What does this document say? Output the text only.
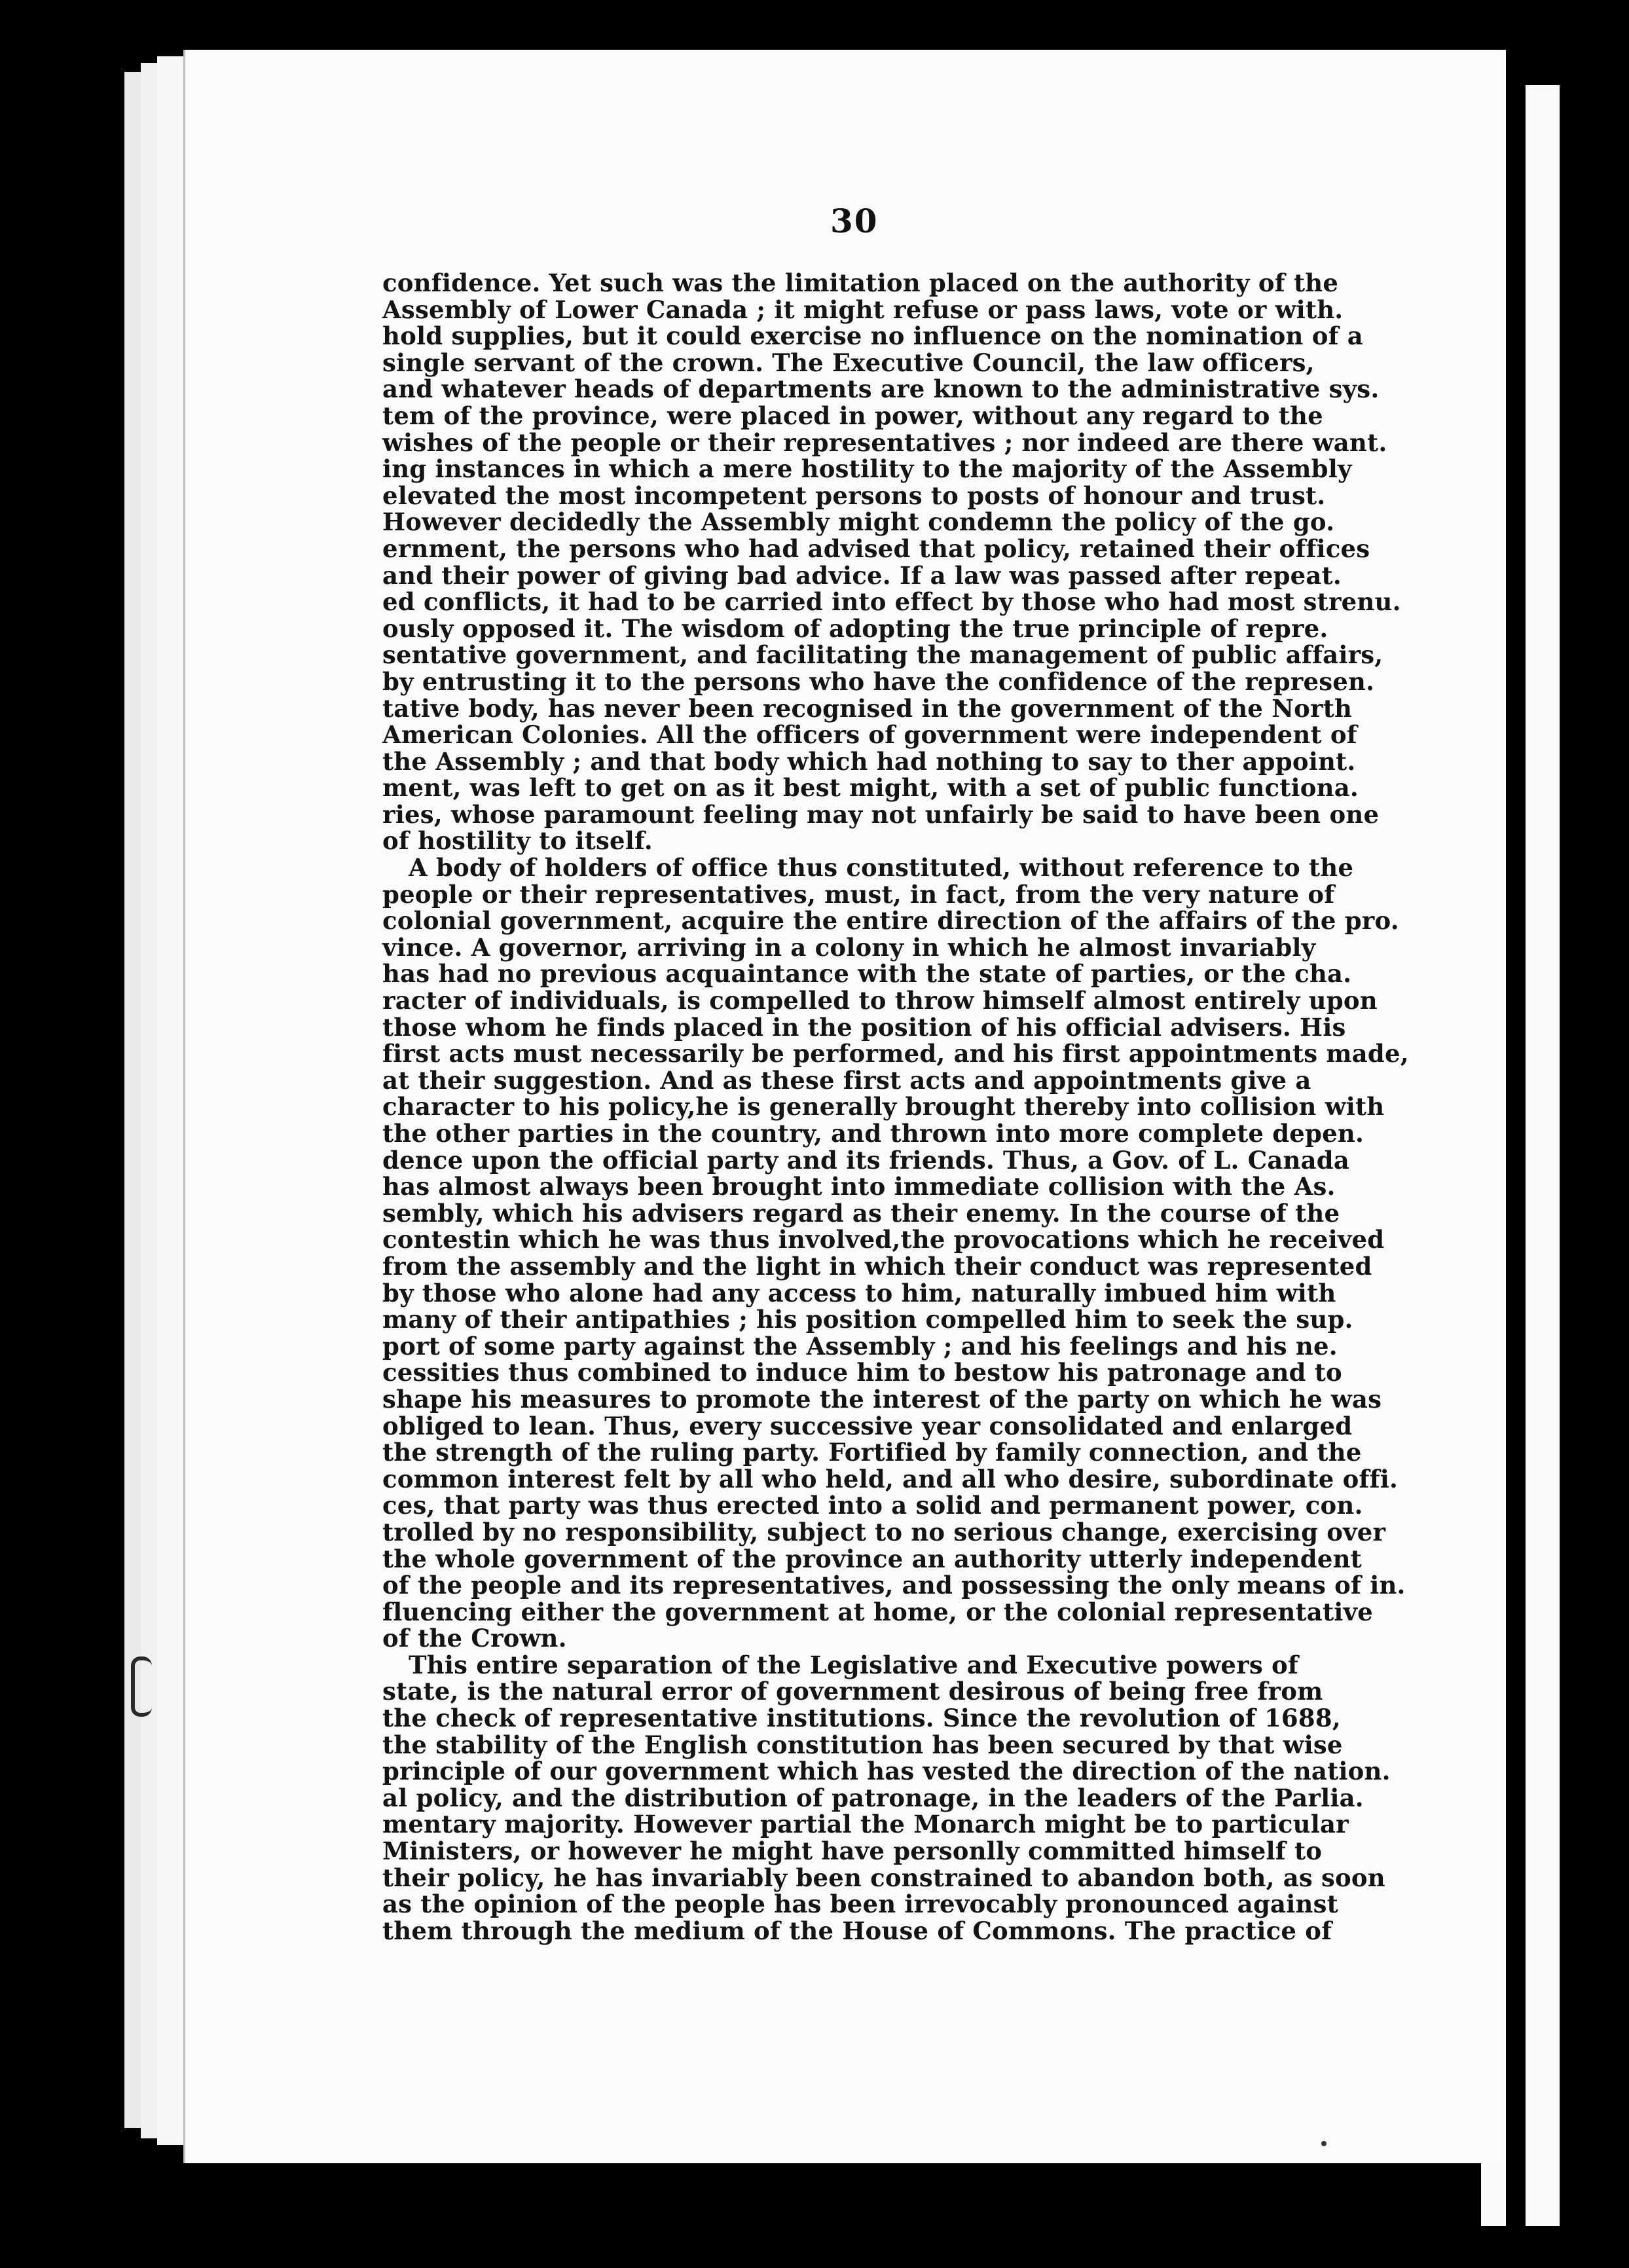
30
confidence. Yet such was the limitation placed on the authority of the
Assembly of Lower Canada ; it might refuse or pass laws, vote or with.
hold supplies, but it could exercise no influence on the nomination of a
single servant of the crown. The Executive Council, the law officers,
and whatever heads of departments are known to the administrative sys.
tem of the province, were placed in power, without any regard to the
wishes of the people or their representatives ; nor indeed are there want.
ing instances in which a mere hostility to the majority of the Assembly
elevated the most incompetent persons to posts of honour and trust.
However decidedly the Assembly might condemn the policy of the go.
ernment, the persons who had advised that policy, retained their offices
and their power of giving bad advice. If a law was passed after repeat.
ed conflicts, it had to be carried into effect by those who had most strenu.
ously opposed it. The wisdom of adopting the true principle of repre.
sentative government, and facilitating the management of public affairs,
by entrusting it to the persons who have the confidence of the represen.
tative body, has never been recognised in the government of the North
American Colonies. All the officers of government were independent of
the Assembly ; and that body which had nothing to say to ther appoint.
ment, was left to get on as it best might, with a set of public functiona.
ries, whose paramount feeling may not unfairly be said to have been one
of hostility to itself.
A body of holders of office thus constituted, without reference to the
people or their representatives, must, in fact, from the very nature of
colonial government, acquire the entire direction of the affairs of the pro.
vince. A governor, arriving in a colony in which he almost invariably
has had no previous acquaintance with the state of parties, or the cha.
racter of individuals, is compelled to throw himself almost entirely upon
those whom he finds placed in the position of his official advisers. His
first acts must necessarily be performed, and his first appointments made,
at their suggestion. And as these first acts and appointments give a
character to his policy,he is generally brought thereby into collision with
the other parties in the country, and thrown into more complete depen.
dence upon the official party and its friends. Thus, a Gov. of L. Canada
has almost always been brought into immediate collision with the As.
sembly, which his advisers regard as their enemy. In the course of the
contestin which he was thus involved,the provocations which he received
from the assembly and the light in which their conduct was represented
by those who alone had any access to him, naturally imbued him with
many of their antipathies ; his position compelled him to seek the sup.
port of some party against the Assembly ; and his feelings and his ne.
cessities thus combined to induce him to bestow his patronage and to
shape his measures to promote the interest of the party on which he was
obliged to lean. Thus, every successive year consolidated and enlarged
the strength of the ruling party. Fortified by family connection, and the
common interest felt by all who held, and all who desire, subordinate offi.
ces, that party was thus erected into a solid and permanent power, con.
trolled by no responsibility, subject to no serious change, exercising over
the whole government of the province an authority utterly independent
of the people and its representatives, and possessing the only means of in.
fluencing either the government at home, or the colonial representative
of the Crown.
This entire separation of the Legislative and Executive powers of
state, is the natural error of government desirous of being free from
the check of representative institutions. Since the revolution of 1688,
the stability of the English constitution has been secured by that wise
principle of our government which has vested the direction of the nation.
al policy, and the distribution of patronage, in the leaders of the Parlia.
mentary majority. However partial the Monarch might be to particular
Ministers, or however he might have personlly committed himself to
their policy, he has invariably been constrained to abandon both, as soon
as the opinion of the people has been irrevocably pronounced against
them through the medium of the House of Commons. The practice of
